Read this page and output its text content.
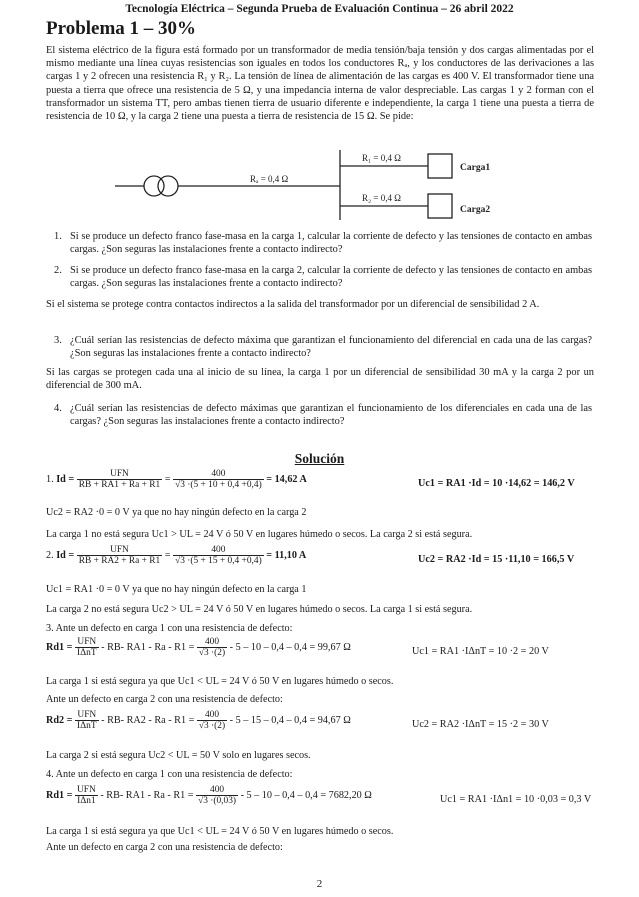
Tecnología Eléctrica – Segunda Prueba de Evaluación Continua – 26 abril 2022
Problema 1 – 30%
El sistema eléctrico de la figura está formado por un transformador de media tensión/baja tensión y dos cargas alimentadas por el mismo mediante una línea cuyas resistencias son iguales en todos los conductores Rₐ, y los conductores de las derivaciones a las cargas 1 y 2 ofrecen una resistencia R₁ y R₂. La tensión de línea de alimentación de las cargas es 400 V. El transformador tiene una puesta a tierra que ofrece una resistencia de 5 Ω, y una impedancia interna de valor despreciable. Las cargas 1 y 2 forman con el transformador un sistema TT, pero ambas tienen tierra de usuario diferente e independiente, la carga 1 tiene una puesta a tierra de resistencia de 10 Ω, y la carga 2 tiene una puesta a tierra de resistencia de 15 Ω. Se pide:
Rₐ = 0,4 Ω
R₁ = 0,4 Ω
R₂ = 0,4 Ω
Carga1
Carga2
1. Si se produce un defecto franco fase-masa en la carga 1, calcular la corriente de defecto y las tensiones de contacto en ambas cargas. ¿Son seguras las instalaciones frente a contacto indirecto?
2. Si se produce un defecto franco fase-masa en la carga 2, calcular la corriente de defecto y las tensiones de contacto en ambas cargas. ¿Son seguras las instalaciones frente a contacto indirecto?
Si el sistema se protege contra contactos indirectos a la salida del transformador por un diferencial de sensibilidad 2 A.
3. ¿Cuál serían las resistencias de defecto máxima que garantizan el funcionamiento del diferencial en cada una de las cargas? ¿Son seguras las instalaciones frente a contacto indirecto?
Si las cargas se protegen cada una al inicio de su línea, la carga 1 por un diferencial de sensibilidad 30 mA y la carga 2 por un diferencial de 300 mA.
4. ¿Cuál serían las resistencias de defecto máximas que garantizan el funcionamiento de los diferenciales en cada una de las cargas? ¿Son seguras las instalaciones frente a contacto indirecto?
Solución
1. Id =	UFN
RB + RA1 + Ra + R1
= $\frac{400}{√3 \cdot(5 + 10 + 0,4 +0,4)} = 14,62$ A	Uc1 = RA1 ·Id = 10 ·14,62 = 146,2 V
Uc2 = RA2 ·0 = 0 V ya que no hay ningún defecto en la carga 2
La carga 1 no está segura Uc1 > UL = 24 V ó 50 V en lugares húmedo o secos. La carga 2 si está segura.
2. Id =	UFN
RB + RA2 + Ra + R1
= $\frac{400}{√3 \cdot(5 + 15 + 0,4 +0,4)} = 11,10$ A	Uc2 = RA2 ·Id = 15 ·11,10 = 166,5 V
Uc1 = RA1 ·0 = 0 V ya que no hay ningún defecto en la carga 1
La carga 2 no está segura Uc2 > UL = 24 V ó 50 V en lugares húmedo o secos. La carga 1 si está segura.
3. Ante un defecto en carga 1 con una resistencia de defecto:
Rd1 = UFN
IΔnT
- RB- $RA1 - Ra - R1 = \frac{400}{√3 \cdot(2)} - 5 - 10 - 0,4 - 0,4 = 99,67$ Ω	Uc1 = RA1 ·IΔnT = 10 ·2 = 20 V
La carga 1 si está segura ya que Uc1 < UL = 24 V ó 50 V en lugares húmedo o secos.
Ante un defecto en carga 2 con una resistencia de defecto:
Rd2 = UFN
IΔnT
- RB- $RA2 - Ra - R1 = \frac{400}{√3 \cdot(2)} - 5 - 15 - 0,4 - 0,4 = 94,67$ Ω	Uc2 = RA2 ·IΔnT = 15 ·2 = 30 V
La carga 2 si está segura Uc2 < UL = 50 V solo en lugares secos.
4. Ante un defecto en carga 1 con una resistencia de defecto:
Rd1 = UFN
IΔn1
- RB- $RA1 - Ra - R1 = \frac{400}{√3 \cdot(0,03)} - 5 - 10 - 0,4 - 0,4 = 7682,20$ Ω	Uc1 = RA1 ·IΔn1 = 10 ·0,03 = 0,3 V
La carga 1 si está segura ya que Uc1 < UL = 24 V ó 50 V en lugares húmedo o secos.
Ante un defecto en carga 2 con una resistencia de defecto:
2
